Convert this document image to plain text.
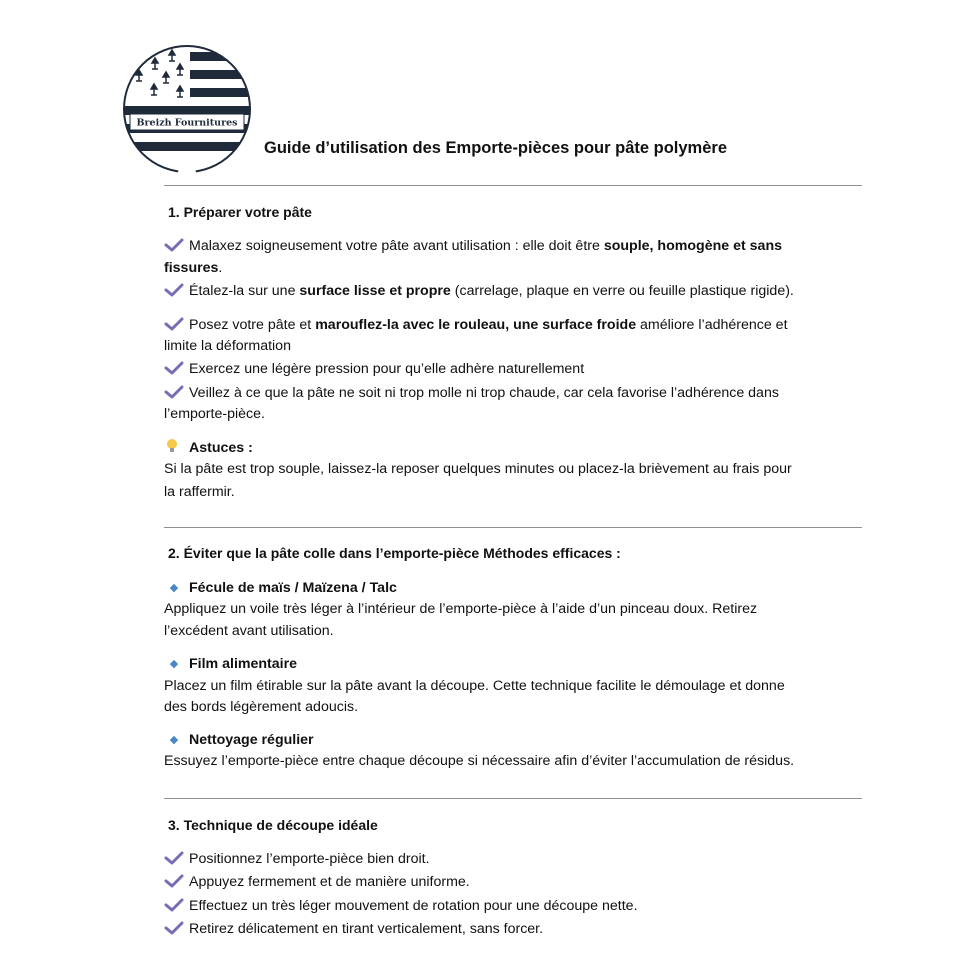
Breizh Fournitures
Guide d’utilisation des Emporte-pièces pour pâte polymère
1. Préparer votre pâte
Malaxez soigneusement votre pâte avant utilisation : elle doit être souple, homogène et sans
fissures.
Étalez-la sur une surface lisse et propre (carrelage, plaque en verre ou feuille plastique rigide).
Posez votre pâte et marouflez-la avec le rouleau, une surface froide améliore l’adhérence et
limite la déformation
Exercez une légère pression pour qu’elle adhère naturellement
Veillez à ce que la pâte ne soit ni trop molle ni trop chaude, car cela favorise l’adhérence dans
l’emporte-pièce.
Astuces :
Si la pâte est trop souple, laissez-la reposer quelques minutes ou placez-la brièvement au frais pour
la raffermir.
2. Éviter que la pâte colle dans l’emporte-pièce Méthodes efficaces :
◆ Fécule de maïs / Maïzena / Talc
Appliquez un voile très léger à l’intérieur de l’emporte-pièce à l’aide d’un pinceau doux. Retirez
l’excédent avant utilisation.
◆ Film alimentaire
Placez un film étirable sur la pâte avant la découpe. Cette technique facilite le démoulage et donne
des bords légèrement adoucis.
◆ Nettoyage régulier
Essuyez l’emporte-pièce entre chaque découpe si nécessaire afin d’éviter l’accumulation de résidus.
3. Technique de découpe idéale
Positionnez l’emporte-pièce bien droit.
Appuyez fermement et de manière uniforme.
Effectuez un très léger mouvement de rotation pour une découpe nette.
Retirez délicatement en tirant verticalement, sans forcer.
